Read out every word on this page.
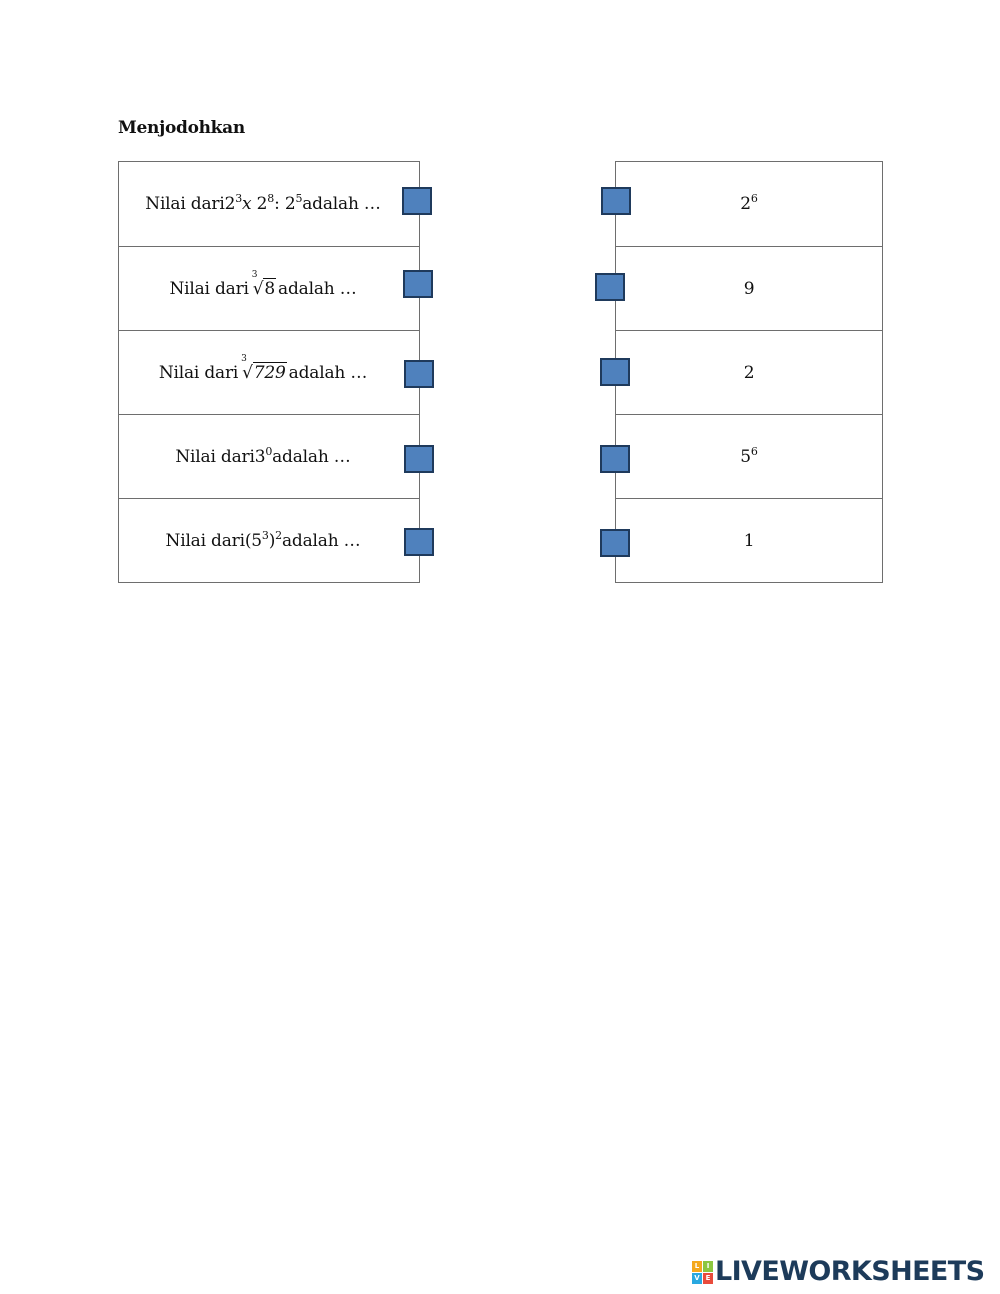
Menjodohkan
Nilai dari $2^3x$ $2^8$: $2^5$ adalah …
Nilai dari
3
√8 adalah …
Nilai dari
3
√729 adalah …
Nilai dari $3^0$ adalah …
Nilai dari $(5^3)^2$ adalah …
$2^6$
9
2
$5^6$
1
L	I
V E LIVEWORKSHEETS
